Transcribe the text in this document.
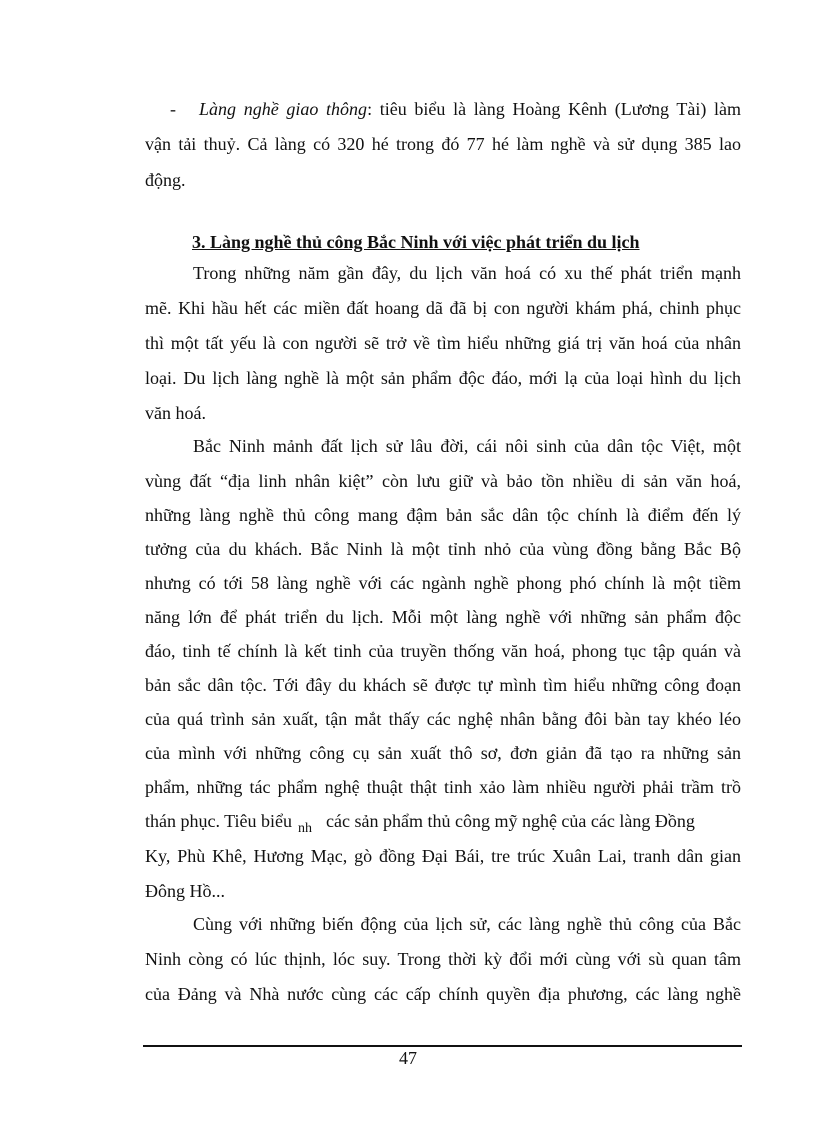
- Làng nghề giao thông: tiêu biểu là làng Hoàng Kênh (Lương Tài) làm
vận tải thuỷ. Cả làng có 320 hé trong đó 77 hé làm nghề và sử dụng 385 lao
động.
3. Làng nghề thủ công Bắc Ninh với việc phát triển du lịch
Trong những năm gần đây, du lịch văn hoá có xu thế phát triển mạnh
mẽ. Khi hầu hết các miền đất hoang dã đã bị con người khám phá, chinh phục
thì một tất yếu là con người sẽ trở về tìm hiểu những giá trị văn hoá của nhân
loại. Du lịch làng nghề là một sản phẩm độc đáo, mới lạ của loại hình du lịch
văn hoá.
Bắc Ninh mảnh đất lịch sử lâu đời, cái nôi sinh của dân tộc Việt, một
vùng đất “địa linh nhân kiệt” còn lưu giữ và bảo tồn nhiều di sản văn hoá,
những làng nghề thủ công mang đậm bản sắc dân tộc chính là điểm đến lý
tưởng của du khách. Bắc Ninh là một tỉnh nhỏ của vùng đồng bằng Bắc Bộ
nhưng có tới 58 làng nghề với các ngành nghề phong phó chính là một tiềm
năng lớn để phát triển du lịch. Mỗi một làng nghề với những sản phẩm độc
đáo, tinh tế chính là kết tinh của truyền thống văn hoá, phong tục tập quán và
bản sắc dân tộc. Tới đây du khách sẽ được tự mình tìm hiểu những công đoạn
của quá trình sản xuất, tận mắt thấy các nghệ nhân bằng đôi bàn tay khéo léo
của mình với những công cụ sản xuất thô sơ, đơn giản đã tạo ra những sản
phẩm, những tác phẩm nghệ thuật thật tinh xảo làm nhiều người phải trầm trồ
thán phục. Tiêu biểu $_{nh}$ các sản phẩm thủ công mỹ nghệ của các làng Đồng
Ky, Phù Khê, Hương Mạc, gò đồng Đại Bái, tre trúc Xuân Lai, tranh dân gian
Đông Hồ...
Cùng với những biến động của lịch sử, các làng nghề thủ công của Bắc
Ninh còng có lúc thịnh, lóc suy. Trong thời kỳ đổi mới cùng với sù quan tâm
của Đảng và Nhà nước cùng các cấp chính quyền địa phương, các làng nghề
47
